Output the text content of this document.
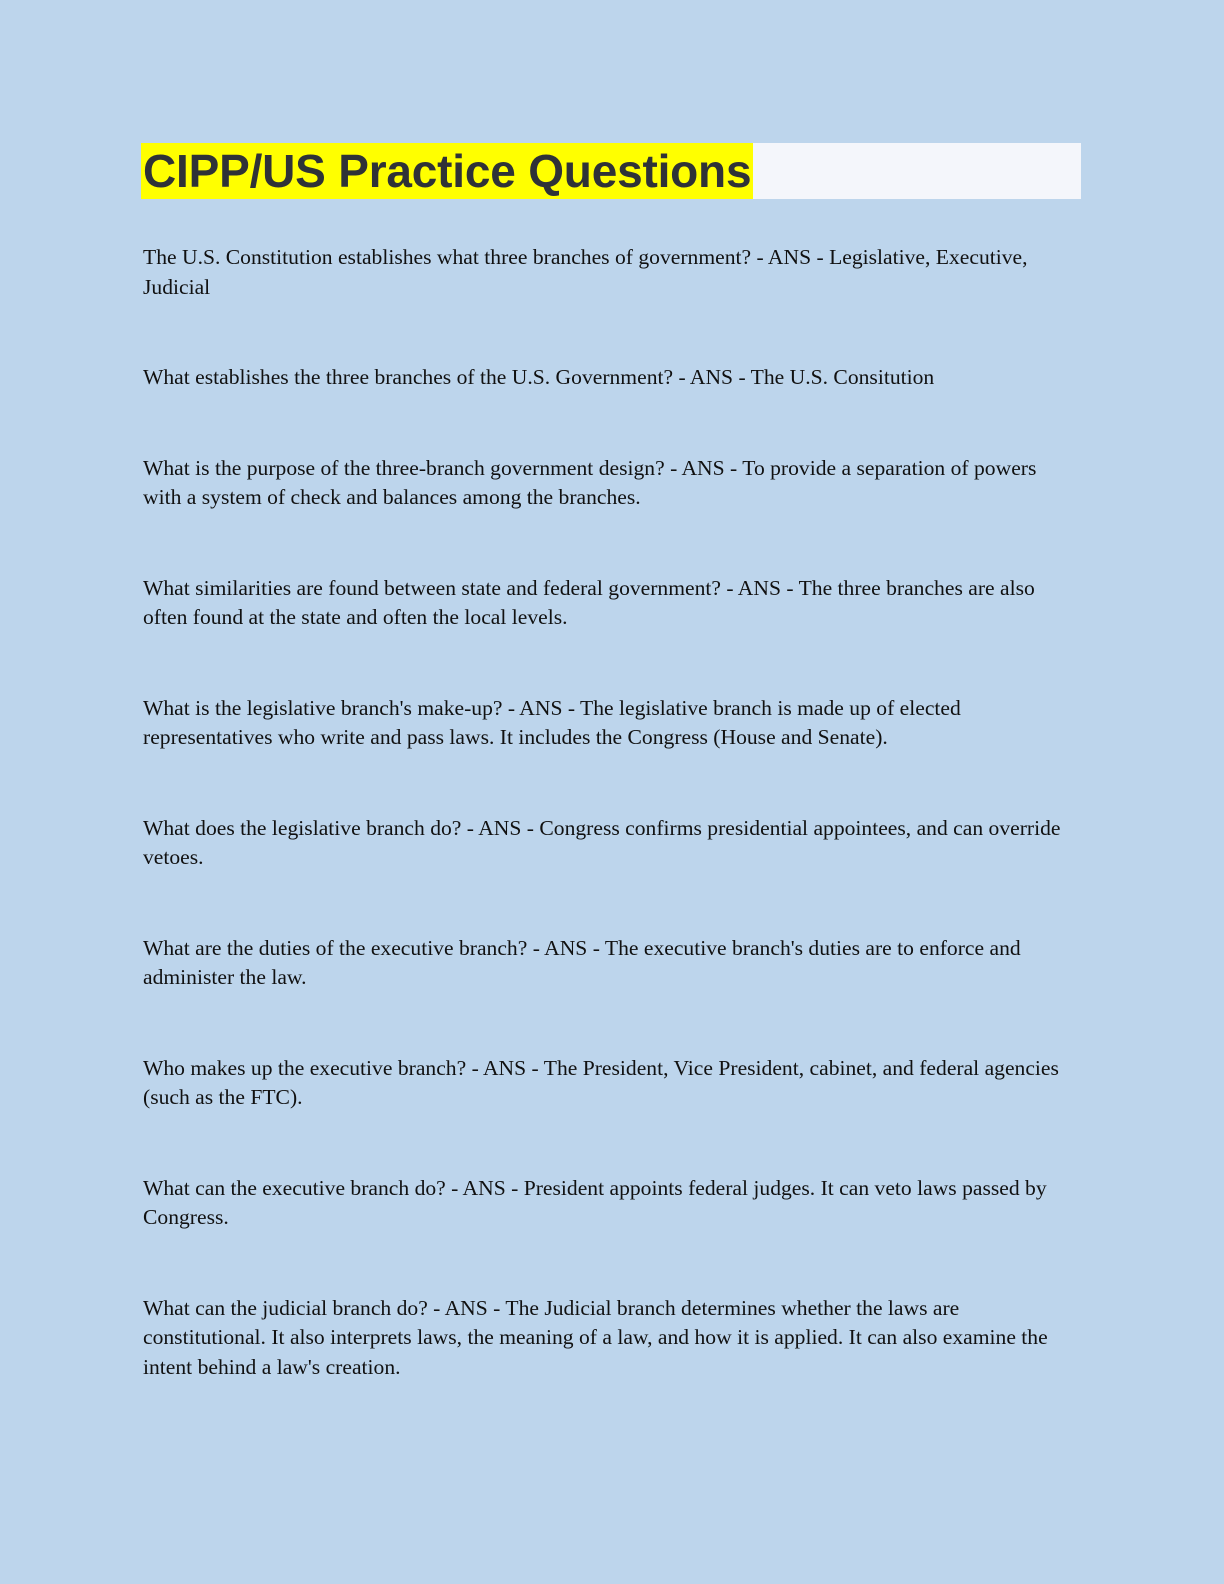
CIPP/US Practice Questions

The U.S. Constitution establishes what three branches of government? - ANS - Legislative, Executive, Judicial

What establishes the three branches of the U.S. Government? - ANS - The U.S. Consitution

What is the purpose of the three-branch government design? - ANS - To provide a separation of powers with a system of check and balances among the branches.

What similarities are found between state and federal government? - ANS - The three branches are also often found at the state and often the local levels.

What is the legislative branch's make-up? - ANS - The legislative branch is made up of elected representatives who write and pass laws. It includes the Congress (House and Senate).

What does the legislative branch do? - ANS - Congress confirms presidential appointees, and can override vetoes.

What are the duties of the executive branch? - ANS - The executive branch's duties are to enforce and administer the law.

Who makes up the executive branch? - ANS - The President, Vice President, cabinet, and federal agencies (such as the FTC).

What can the executive branch do? - ANS - President appoints federal judges. It can veto laws passed by Congress.

What can the judicial branch do? - ANS - The Judicial branch determines whether the laws are constitutional. It also interprets laws, the meaning of a law, and how it is applied. It can also examine the intent behind a law's creation.
